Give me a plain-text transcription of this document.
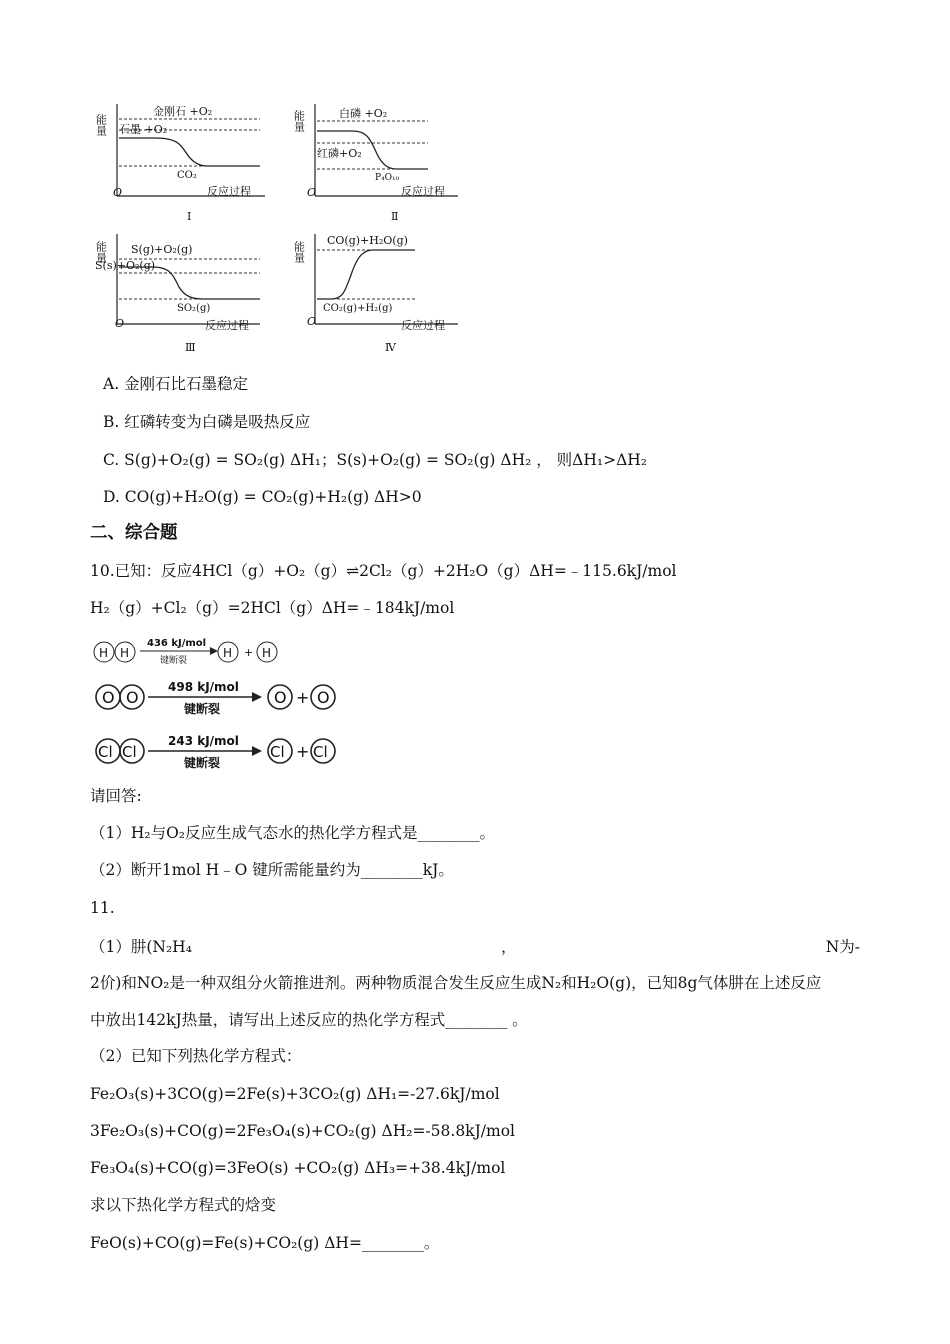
能量
金刚石 +O₂
石墨 +O₂
CO₂
O	反应过程
Ⅰ
能量	白磷 +O₂
红磷+O₂
P₄O₁₀
O	反应过程
Ⅱ
能量 S(g)+O₂(g)
S(s)+O₂(g)
SO₂(g)
O	反应过程
Ⅲ
能量
CO(g)+H₂O(g)
CO₂(g)+H₂(g)
O	反应过程
Ⅳ
A. 金刚石比石墨稳定
B. 红磷转变为白磷是吸热反应
C. S(g)+O₂(g) = SO₂(g) ΔH₁；S(s)+O₂(g) = SO₂(g) ΔH₂ ， 则ΔH₁>ΔH₂
D. CO(g)+H₂O(g) = CO₂(g)+H₂(g) ΔH>0
二、综合题
10.已知：反应4HCl（g）+O₂（g）⇌2Cl₂（g）+2H₂O（g）ΔH=﹣115.6kJ/mol
H₂（g）+Cl₂（g）=2HCl（g）ΔH=﹣184kJ/mol
H H
436 kJ/mol
键断裂
H + H
O O
498 kJ/mol
键断裂
O + O
Cl Cl
243 kJ/mol
键断裂
Cl + Cl
请回答:
（1）H₂与O₂反应生成气态水的热化学方程式是________。
（2）断开1mol H﹣O 键所需能量约为________kJ。
11.
（1）肼(N₂H₄	，	N为-
2价)和NO₂是一种双组分火箭推进剂。两种物质混合发生反应生成N₂和H₂O(g)，已知8g气体肼在上述反应
中放出142kJ热量，请写出上述反应的热化学方程式________ 。
（2）已知下列热化学方程式：
Fe₂O₃(s)+3CO(g)=2Fe(s)+3CO₂(g) ΔH₁=-27.6kJ/mol
3Fe₂O₃(s)+CO(g)=2Fe₃O₄(s)+CO₂(g) ΔH₂=-58.8kJ/mol
Fe₃O₄(s)+CO(g)=3FeO(s) +CO₂(g) ΔH₃=+38.4kJ/mol
求以下热化学方程式的焓变
FeO(s)+CO(g)=Fe(s)+CO₂(g) ΔH=________。
